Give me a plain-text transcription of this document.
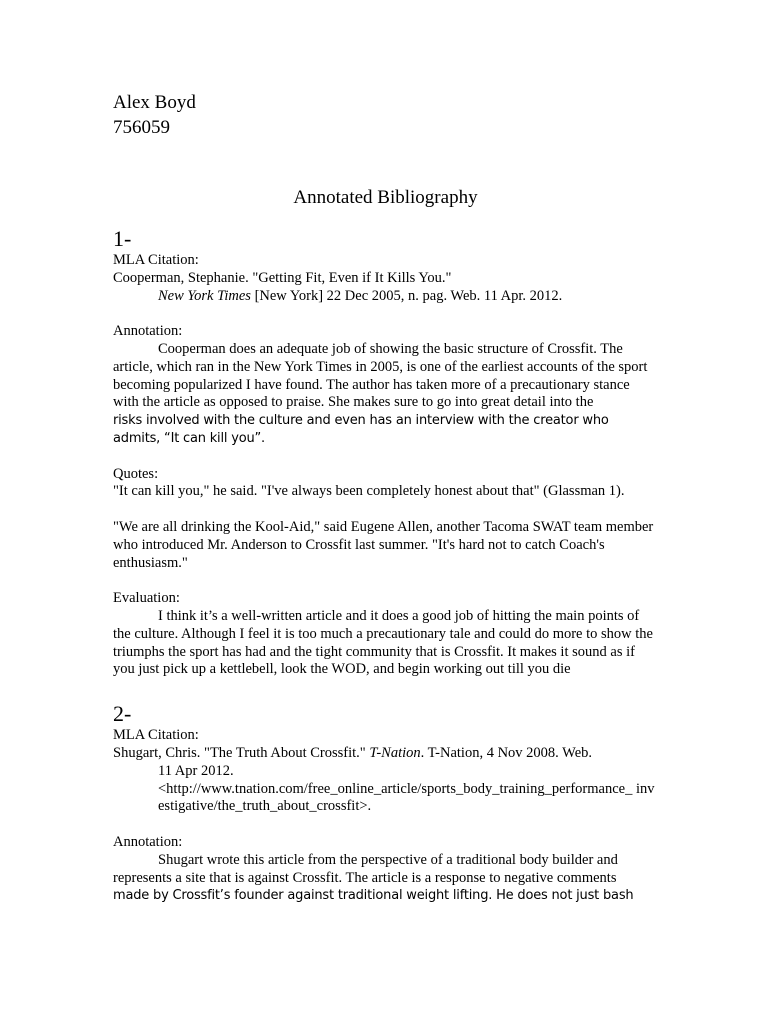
Alex Boyd

756059

Annotated Bibliography

1-

MLA Citation:

Cooperman, Stephanie. "Getting Fit, Even if It Kills You."

New York Times [New York] 22 Dec 2005, n. pag. Web. 11 Apr. 2012.

Annotation:

Cooperman does an adequate job of showing the basic structure of Crossfit. The article, which ran in the New York Times in 2005, is one of the earliest accounts of the sport becoming popularized I have found. The author has taken more of a precautionary stance with the article as opposed to praise. She makes sure to go into great detail into the

risks involved with the culture and even has an interview with the creator who admits, “It can kill you”.

Quotes:

"It can kill you," he said. "I've always been completely honest about that" (Glassman 1).

"We are all drinking the Kool-Aid," said Eugene Allen, another Tacoma SWAT team member who introduced Mr. Anderson to Crossfit last summer. "It's hard not to catch Coach's enthusiasm."

Evaluation:

I think it’s a well-written article and it does a good job of hitting the main points of the culture. Although I feel it is too much a precautionary tale and could do more to show the triumphs the sport has had and the tight community that is Crossfit. It makes it sound as if you just pick up a kettlebell, look the WOD, and begin working out till you die

2-

MLA Citation:

Shugart, Chris. "The Truth About Crossfit." T-Nation. T-Nation, 4 Nov 2008. Web.

11 Apr 2012.

<http://www.tnation.com/free_online_article/sports_body_training_performance_ investigative/the_truth_about_crossfit>.

Annotation:

Shugart wrote this article from the perspective of a traditional body builder and represents a site that is against Crossfit. The article is a response to negative comments

made by Crossfit’s founder against traditional weight lifting. He does not just bash
